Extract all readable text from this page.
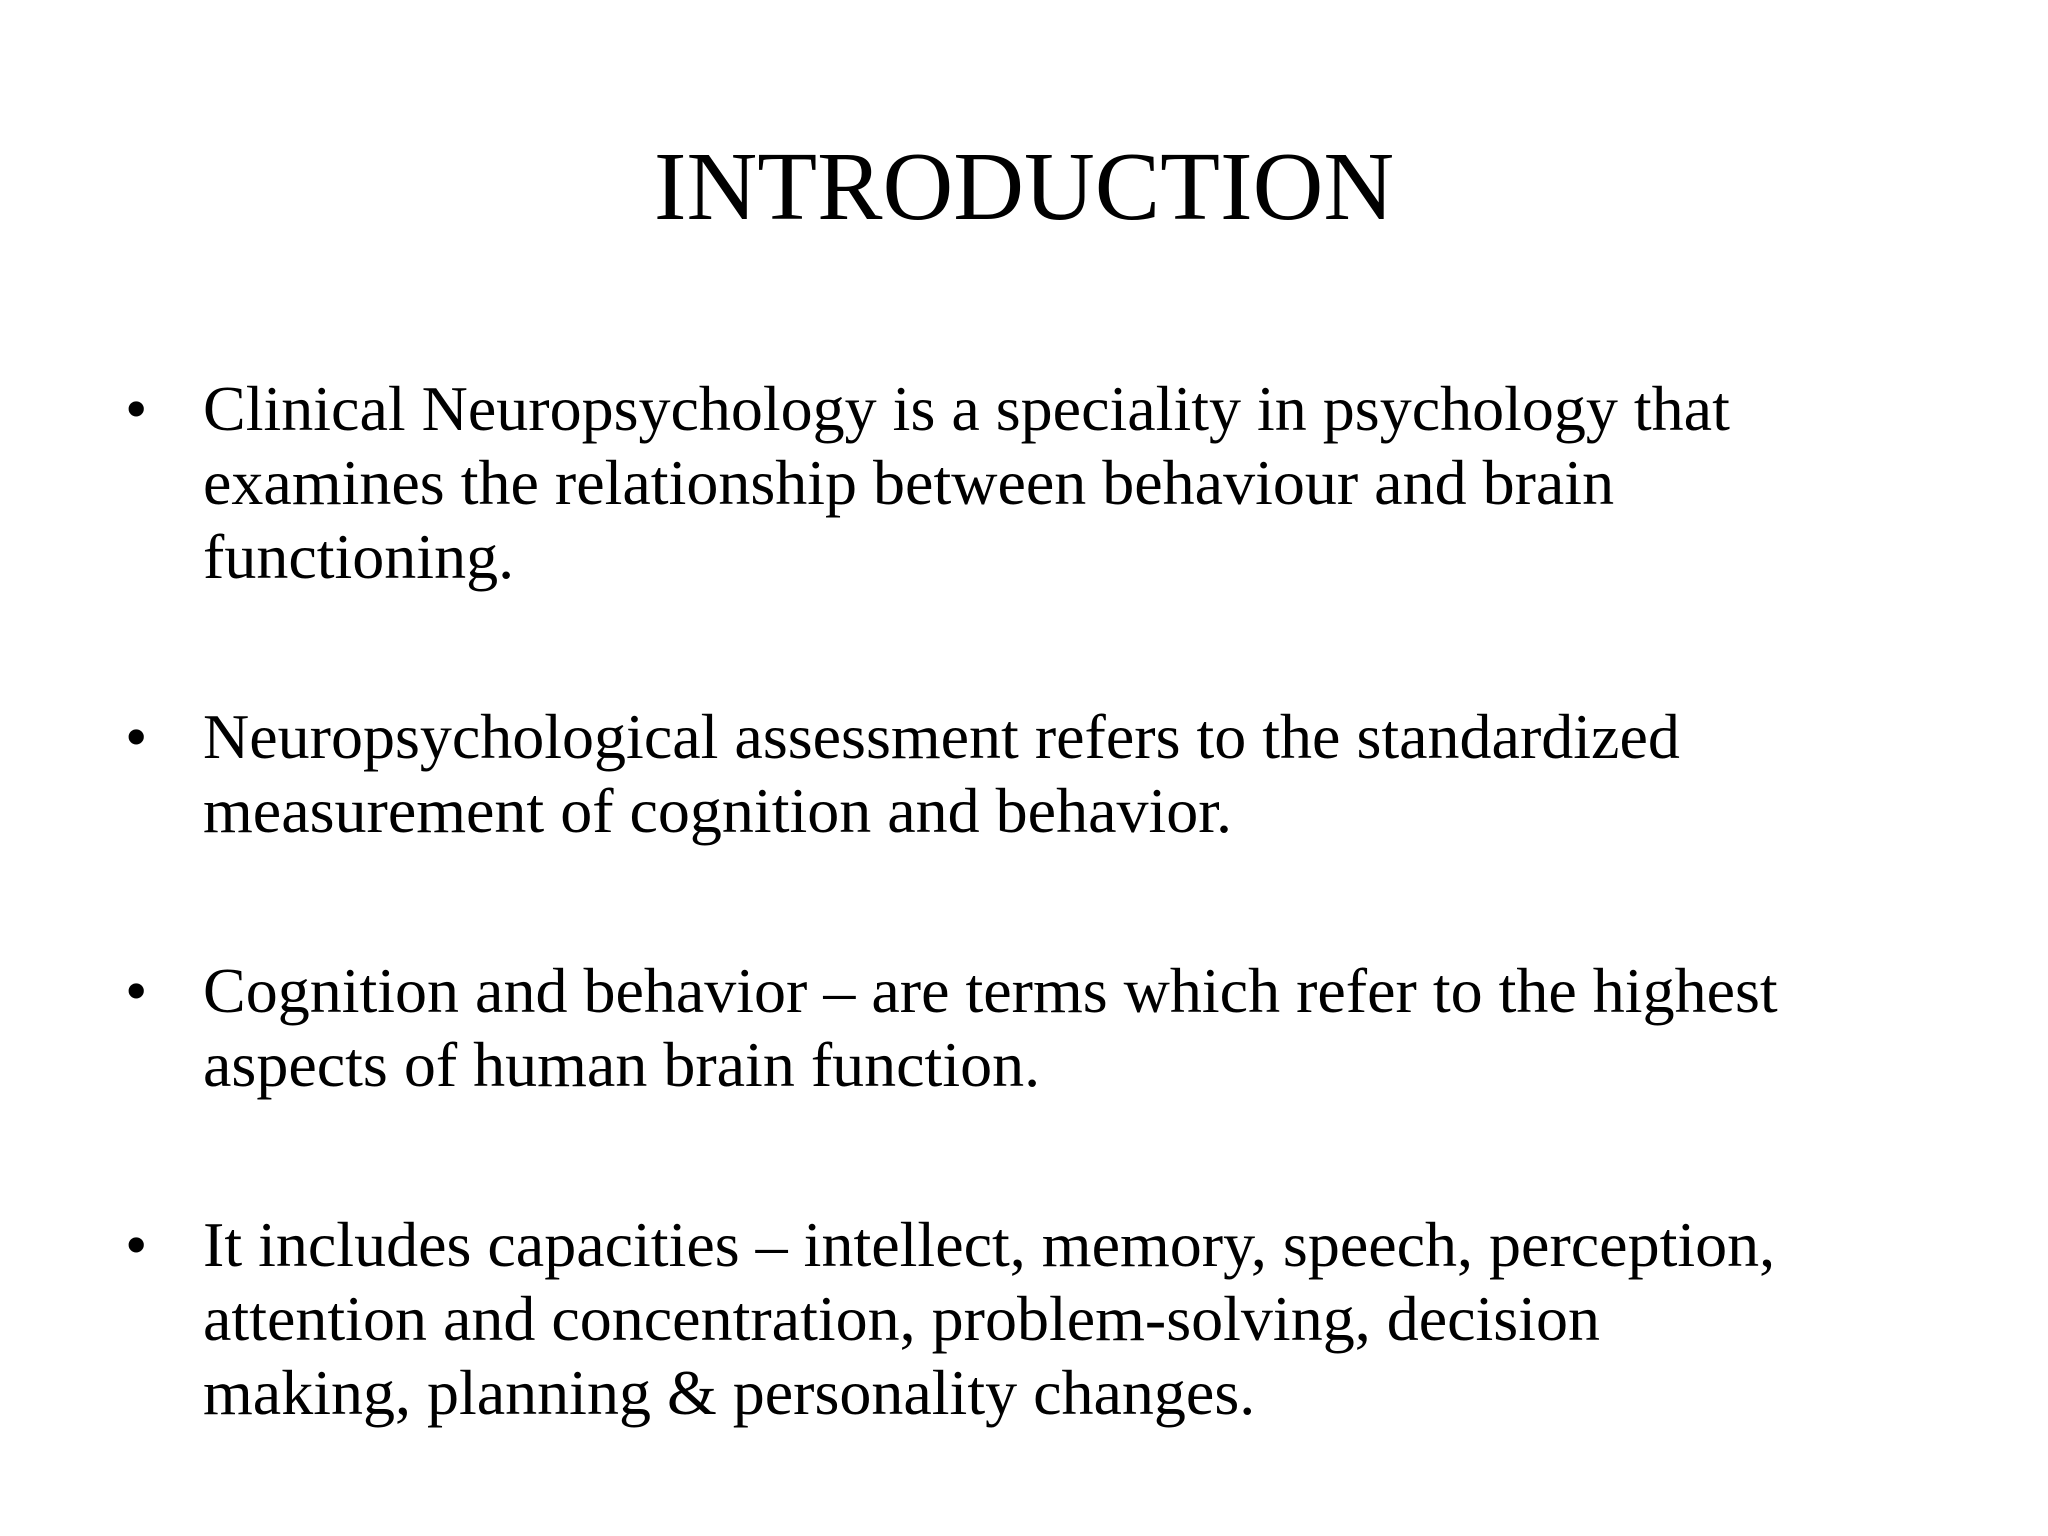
INTRODUCTION
• Clinical Neuropsychology is a speciality in psychology that
examines the relationship between behaviour and brain
functioning.
• Neuropsychological assessment refers to the standardized
measurement of cognition and behavior.
• Cognition and behavior – are terms which refer to the highest
aspects of human brain function.
• It includes capacities – intellect, memory, speech, perception,
attention and concentration, problem-solving, decision
making, planning & personality changes.
